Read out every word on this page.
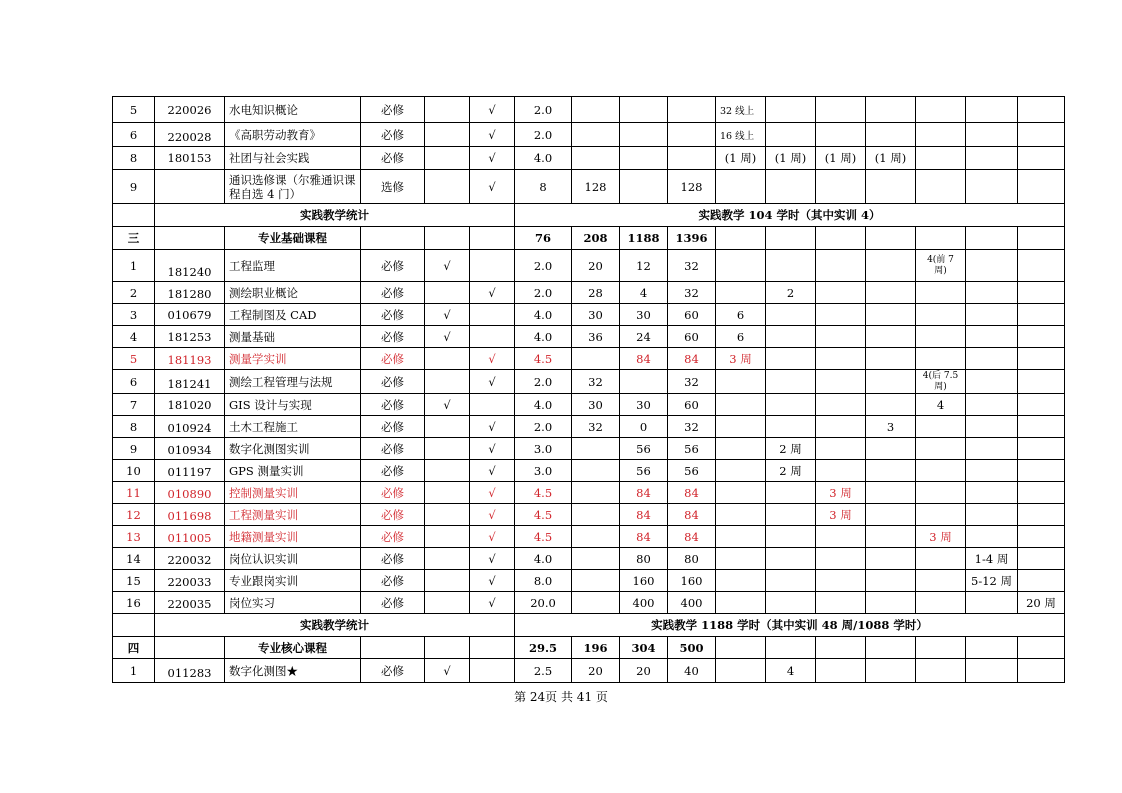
5	220026	水电知识概论	必修		√	2.0				32 线上						
6	220028	《高职劳动教育》	必修		√	2.0				16 线上						
8	180153	社团与社会实践	必修		√	4.0				(1 周)	(1 周)	(1 周)	(1 周)			
9		通识选修课（尔雅通识课程自选 4 门）	选修		√	8	128		128							
	实践教学统计					实践教学 104 学时（其中实训 4）										
三		专业基础课程				76	208	1188	1396							
1	181240	工程监理	必修	√		2.0	20	12	32					4(前 7 周)		
2	181280	测绘职业概论	必修		√	2.0	28	4	32		2					
3	010679	工程制图及 CAD	必修	√		4.0	30	30	60	6						
4	181253	测量基础	必修	√		4.0	36	24	60	6						
5	181193	测量学实训	必修		√	4.5		84	84	3 周						
6	181241	测绘工程管理与法规	必修		√	2.0	32		32					4(后 7.5 周)		
7	181020	GIS 设计与实现	必修	√		4.0	30	30	60					4		
8	010924	土木工程施工	必修		√	2.0	32	0	32				3			
9	010934	数字化测图实训	必修		√	3.0		56	56		2 周					
10	011197	GPS 测量实训	必修		√	3.0		56	56		2 周					
11	010890	控制测量实训	必修		√	4.5		84	84			3 周				
12	011698	工程测量实训	必修		√	4.5		84	84			3 周				
13	011005	地籍测量实训	必修		√	4.5		84	84					3 周		
14	220032	岗位认识实训	必修		√	4.0		80	80						1-4 周	
15	220033	专业跟岗实训	必修		√	8.0		160	160						5-12 周	
16	220035	岗位实习	必修		√	20.0		400	400							20 周
	实践教学统计					实践教学 1188 学时（其中实训 48 周/1088 学时）										
四		专业核心课程				29.5	196	304	500							
1	011283	数字化测图★	必修	√		2.5	20	20	40		4					
第 24页 共 41 页
